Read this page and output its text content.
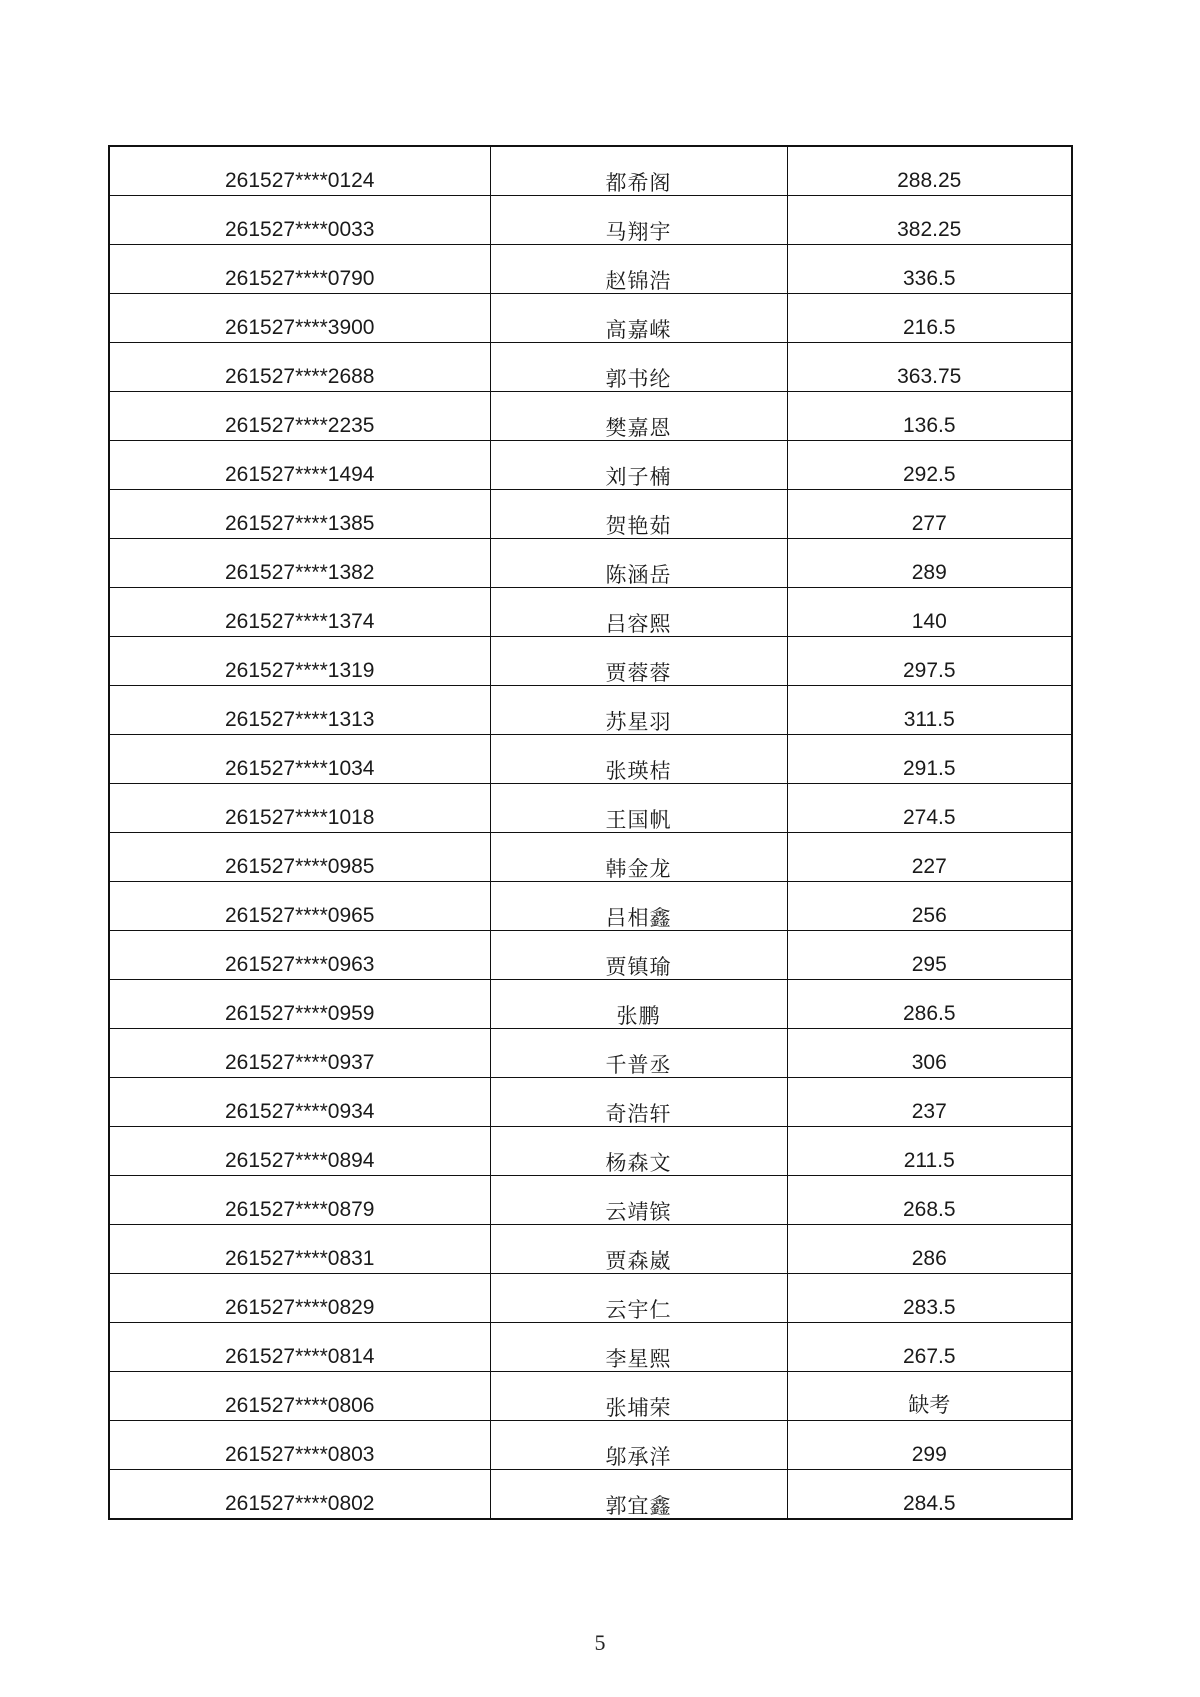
261527****0124	都希阁	288.25
261527****0033	马翔宇	382.25
261527****0790	赵锦浩	336.5
261527****3900	高嘉嵘	216.5
261527****2688	郭书纶	363.75
261527****2235	樊嘉恩	136.5
261527****1494	刘子楠	292.5
261527****1385	贺艳茹	277
261527****1382	陈涵岳	289
261527****1374	吕容熙	140
261527****1319	贾蓉蓉	297.5
261527****1313	苏星羽	311.5
261527****1034	张瑛桔	291.5
261527****1018	王国帆	274.5
261527****0985	韩金龙	227
261527****0965	吕相鑫	256
261527****0963	贾镇瑜	295
261527****0959	张鹏	286.5
261527****0937	千普丞	306
261527****0934	奇浩轩	237
261527****0894	杨森文	211.5
261527****0879	云靖镔	268.5
261527****0831	贾森崴	286
261527****0829	云宇仁	283.5
261527****0814	李星熙	267.5
261527****0806	张埔荣	缺考
261527****0803	邬承洋	299
261527****0802	郭宜鑫	284.5
5
